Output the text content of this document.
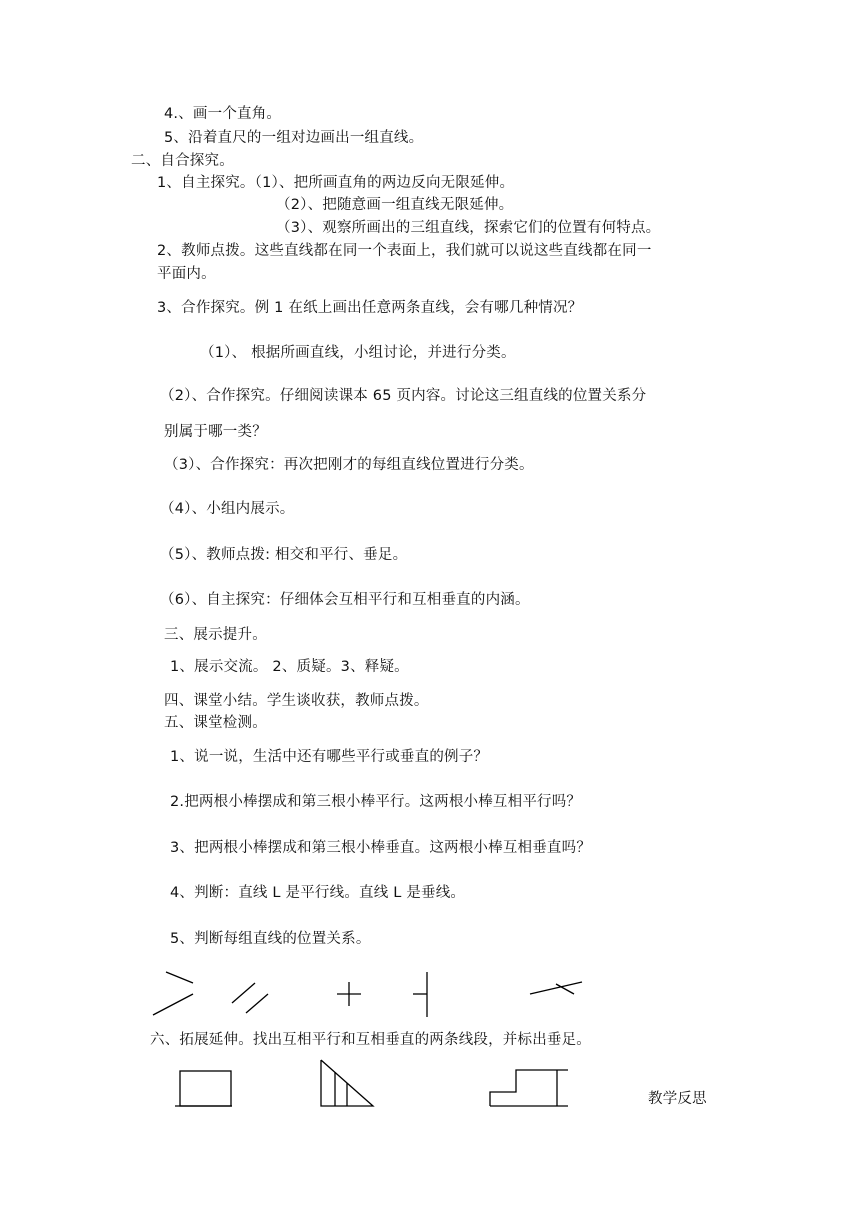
4.、画一个直角。
5、沿着直尺的一组对边画出一组直线。
二、自合探究。
1、自主探究。（1）、把所画直角的两边反向无限延伸。
（2）、把随意画一组直线无限延伸。
（3）、观察所画出的三组直线，探索它们的位置有何特点。
2、教师点拨。这些直线都在同一个表面上，我们就可以说这些直线都在同一
平面内。
3、合作探究。例 1 在纸上画出任意两条直线，会有哪几种情况？
（1）、 根据所画直线，小组讨论，并进行分类。
（2）、合作探究。仔细阅读课本 65 页内容。讨论这三组直线的位置关系分
别属于哪一类？
（3）、合作探究：再次把刚才的每组直线位置进行分类。
（4）、小组内展示。
（5）、教师点拨: 相交和平行、垂足。
（6）、自主探究：仔细体会互相平行和互相垂直的内涵。
三、展示提升。
1、展示交流。 2、质疑。3、释疑。
四、课堂小结。学生谈收获，教师点拨。
五、课堂检测。
1、说一说，生活中还有哪些平行或垂直的例子？
2.把两根小棒摆成和第三根小棒平行。这两根小棒互相平行吗？
3、把两根小棒摆成和第三根小棒垂直。这两根小棒互相垂直吗？
4、判断：直线 L 是平行线。直线 L 是垂线。
5、判断每组直线的位置关系。
六、拓展延伸。找出互相平行和互相垂直的两条线段，并标出垂足。
教学反思
